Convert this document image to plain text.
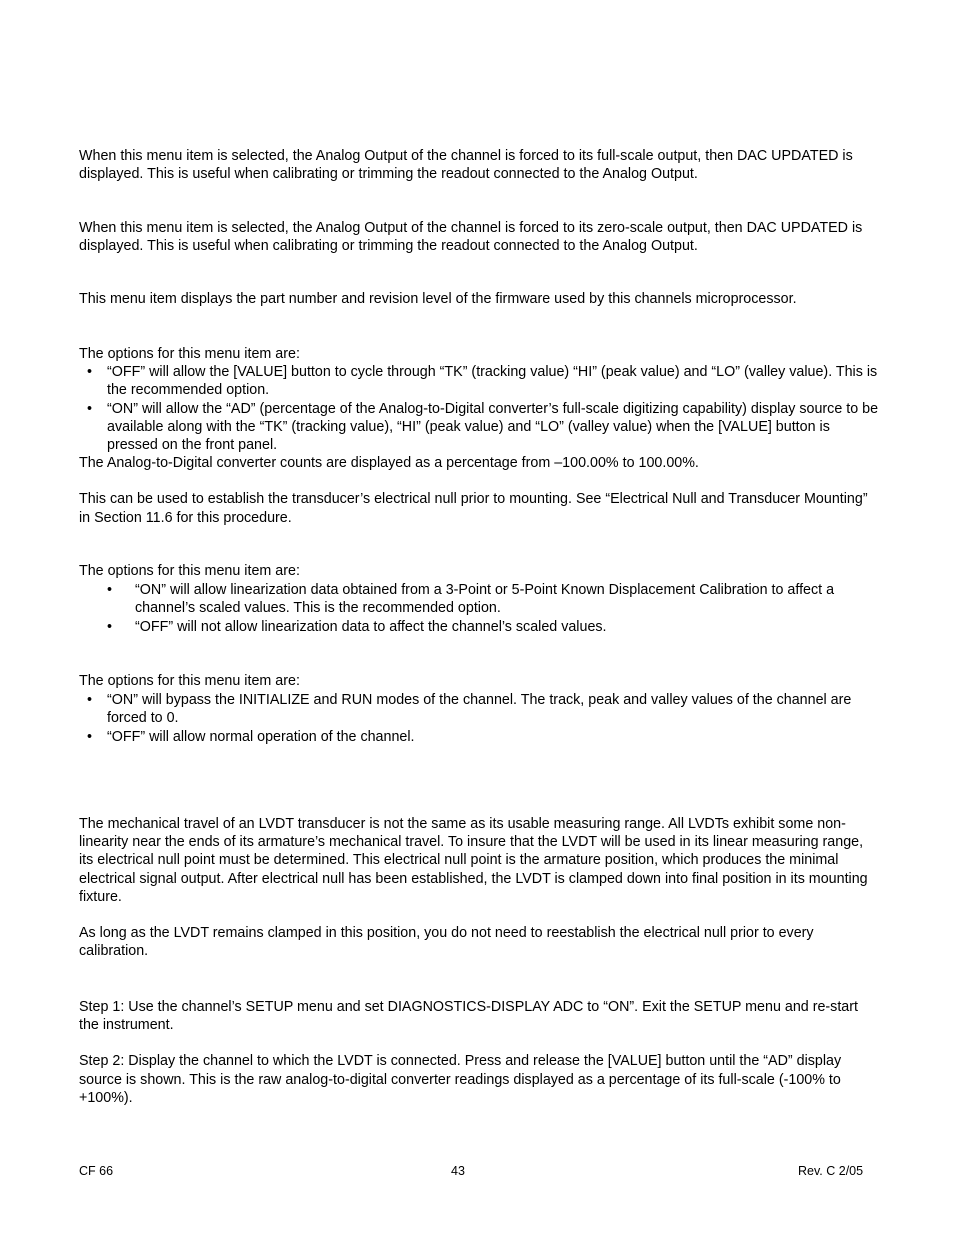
When this menu item is selected, the Analog Output of the channel is forced to its full-scale output, then DAC UPDATED is displayed. This is useful when calibrating or trimming the readout connected to the Analog Output.

When this menu item is selected, the Analog Output of the channel is forced to its zero-scale output, then DAC UPDATED is displayed. This is useful when calibrating or trimming the readout connected to the Analog Output.

This menu item displays the part number and revision level of the firmware used by this channels microprocessor.

The options for this menu item are:

• “OFF” will allow the [VALUE] button to cycle through “TK” (tracking value) “HI” (peak value) and “LO” (valley value). This is the recommended option.
• “ON” will allow the “AD” (percentage of the Analog-to-Digital converter’s full-scale digitizing capability) display source to be available along with the “TK” (tracking value), “HI” (peak value) and “LO” (valley value) when the [VALUE] button is pressed on the front panel.

The Analog-to-Digital converter counts are displayed as a percentage from –100.00% to 100.00%.

This can be used to establish the transducer’s electrical null prior to mounting. See “Electrical Null and Transducer Mounting” in Section 11.6 for this procedure.

The options for this menu item are:

• “ON” will allow linearization data obtained from a 3-Point or 5-Point Known Displacement Calibration to affect a channel’s scaled values. This is the recommended option.
• “OFF” will not allow linearization data to affect the channel’s scaled values.

The options for this menu item are:

• “ON” will bypass the INITIALIZE and RUN modes of the channel. The track, peak and valley values of the channel are forced to 0.
• “OFF” will allow normal operation of the channel.

The mechanical travel of an LVDT transducer is not the same as its usable measuring range. All LVDTs exhibit some non-linearity near the ends of its armature’s mechanical travel. To insure that the LVDT will be used in its linear measuring range, its electrical null point must be determined. This electrical null point is the armature position, which produces the minimal electrical signal output. After electrical null has been established, the LVDT is clamped down into final position in its mounting fixture.

As long as the LVDT remains clamped in this position, you do not need to reestablish the electrical null prior to every calibration.

Step 1: Use the channel’s SETUP menu and set DIAGNOSTICS-DISPLAY ADC to “ON”. Exit the SETUP menu and re-start the instrument.

Step 2: Display the channel to which the LVDT is connected. Press and release the [VALUE] button until the “AD” display source is shown. This is the raw analog-to-digital converter readings displayed as a percentage of its full-scale (-100% to +100%).

CF 66	43	Rev. C 2/05
